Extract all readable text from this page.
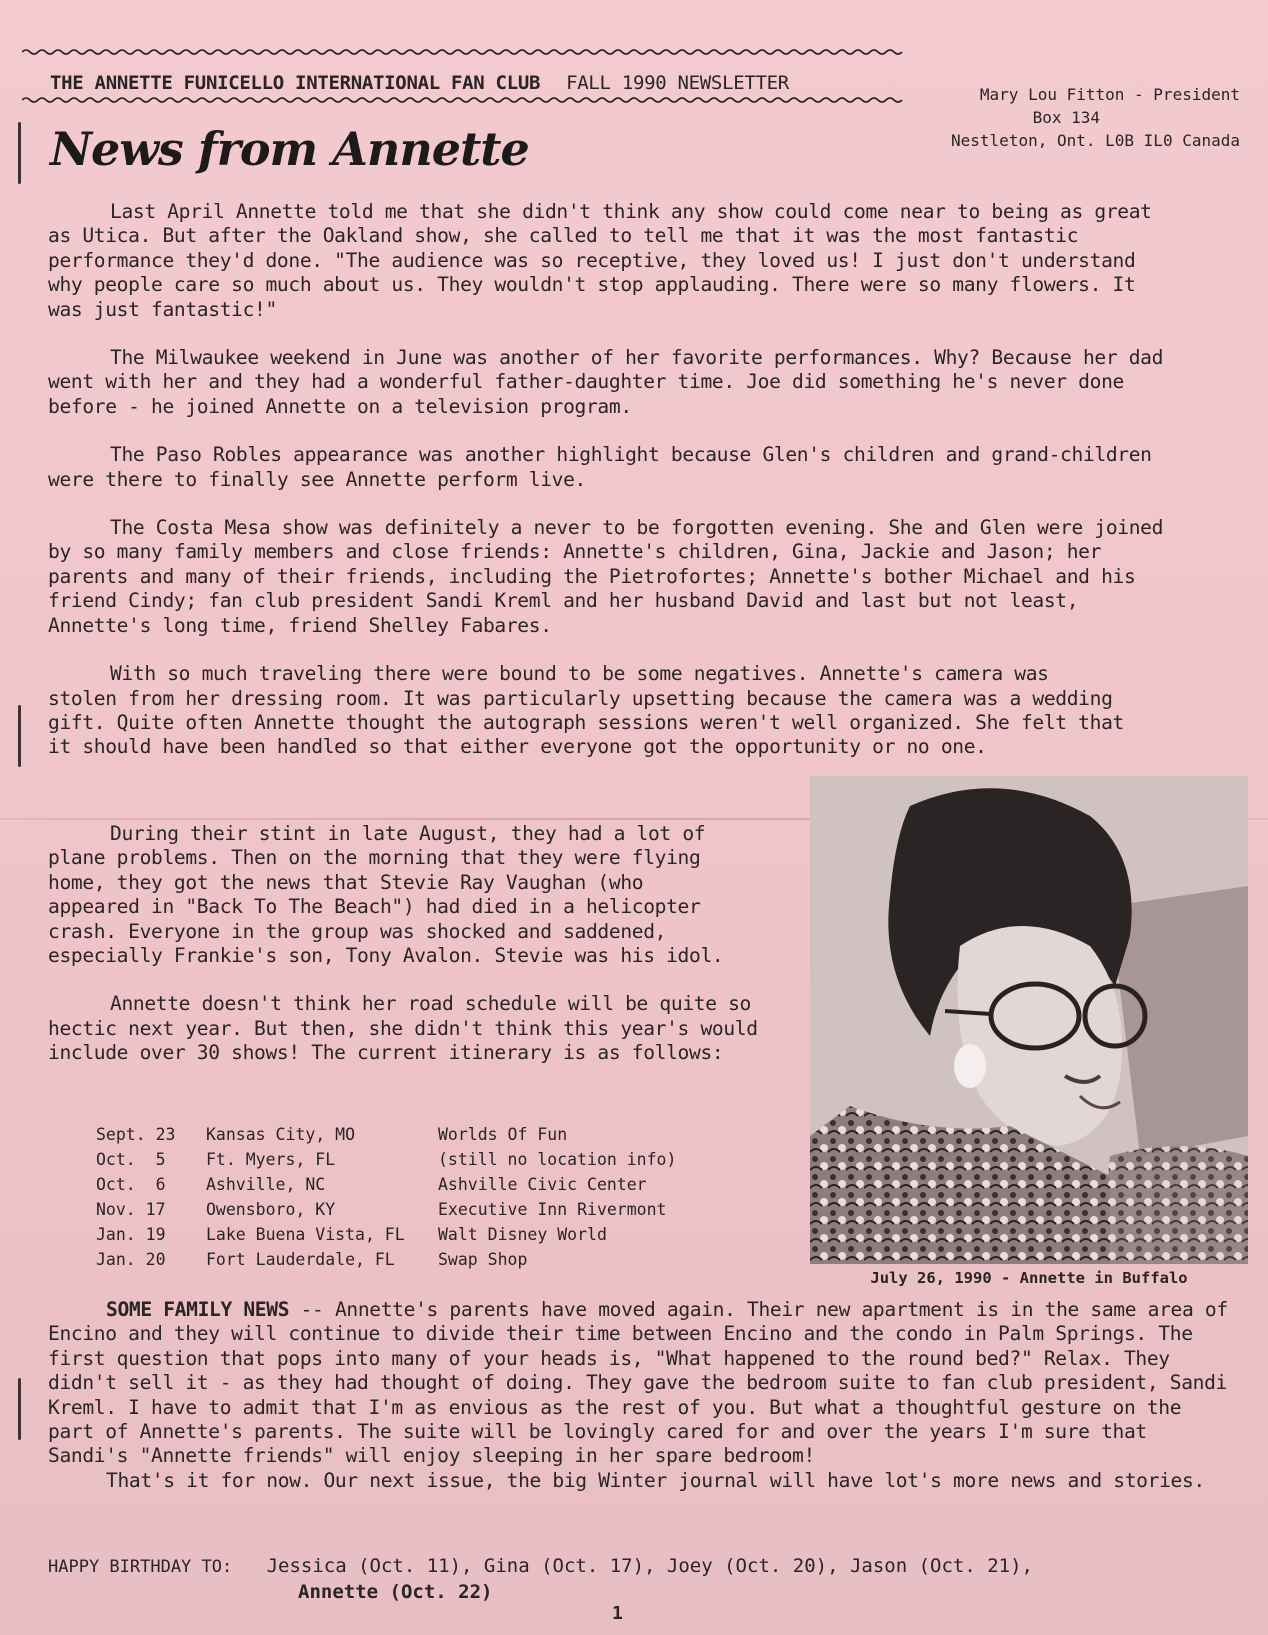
THE ANNETTE FUNICELLO INTERNATIONAL FAN CLUB FALL 1990 NEWSLETTER
Mary Lou Fitton - President
Box 134
Nestleton, Ont. L0B IL0 Canada
News from Annette

Last April Annette told me that she didn't think any show could come near to being as great as Utica. But after the Oakland show, she called to tell me that it was the most fantastic performance they'd done. "The audience was so receptive, they loved us! I just don't understand why people care so much about us. They wouldn't stop applauding. There were so many flowers. It was just fantastic!"

The Milwaukee weekend in June was another of her favorite performances. Why? Because her dad went with her and they had a wonderful father-daughter time. Joe did something he's never done before - he joined Annette on a television program.

The Paso Robles appearance was another highlight because Glen's children and grand-children were there to finally see Annette perform live.

The Costa Mesa show was definitely a never to be forgotten evening. She and Glen were joined by so many family members and close friends: Annette's children, Gina, Jackie and Jason; her parents and many of their friends, including the Pietrofortes; Annette's bother Michael and his friend Cindy; fan club president Sandi Kreml and her husband David and last but not least, Annette's long time, friend Shelley Fabares.

With so much traveling there were bound to be some negatives. Annette's camera was stolen from her dressing room. It was particularly upsetting because the camera was a wedding gift. Quite often Annette thought the autograph sessions weren't well organized. She felt that it should have been handled so that either everyone got the opportunity or no one.

During their stint in late August, they had a lot of plane problems. Then on the morning that they were flying home, they got the news that Stevie Ray Vaughan (who appeared in "Back To The Beach") had died in a helicopter crash. Everyone in the group was shocked and saddened, especially Frankie's son, Tony Avalon. Stevie was his idol.

Annette doesn't think her road schedule will be quite so hectic next year. But then, she didn't think this year's would include over 30 shows! The current itinerary is as follows:

Sept. 23	Kansas City, MO	Worlds Of Fun
Oct.  5	Ft. Myers, FL	(still no location info)
Oct.  6	Ashville, NC	Ashville Civic Center
Nov. 17	Owensboro, KY	Executive Inn Rivermont
Jan. 19	Lake Buena Vista, FL	Walt Disney World
Jan. 20	Fort Lauderdale, FL	Swap Shop
July 26, 1990 - Annette in Buffalo

SOME FAMILY NEWS -- Annette's parents have moved again. Their new apartment is in the same area of Encino and they will continue to divide their time between Encino and the condo in Palm Springs. The first question that pops into many of your heads is, "What happened to the round bed?" Relax. They didn't sell it - as they had thought of doing. They gave the bedroom suite to fan club president, Sandi Kreml. I have to admit that I'm as envious as the rest of you. But what a thoughtful gesture on the part of Annette's parents. The suite will be lovingly cared for and over the years I'm sure that Sandi's "Annette friends" will enjoy sleeping in her spare bedroom!

That's it for now. Our next issue, the big Winter journal will have lot's more news and stories.

HAPPY BIRTHDAY TO: Jessica (Oct. 11), Gina (Oct. 17), Joey (Oct. 20), Jason (Oct. 21),
Annette (Oct. 22)
1
